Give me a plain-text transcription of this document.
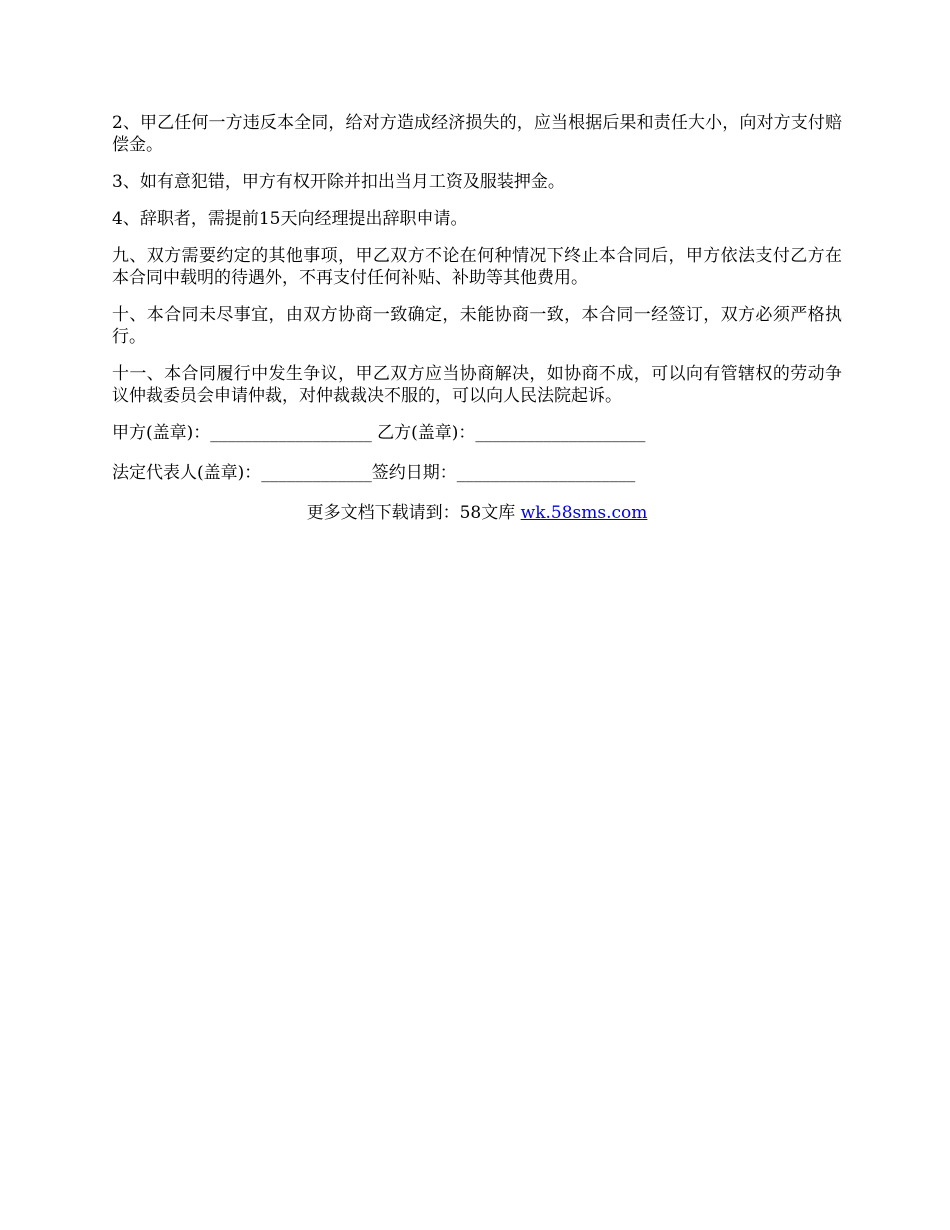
2、甲乙任何一方违反本全同，给对方造成经济损失的，应当根据后果和责任大小，向对方支付赔偿金。

3、如有意犯错，甲方有权开除并扣出当月工资及服装押金。

4、辞职者，需提前15天向经理提出辞职申请。

九、双方需要约定的其他事项，甲乙双方不论在何种情况下终止本合同后，甲方依法支付乙方在本合同中载明的待遇外，不再支付任何补贴、补助等其他费用。

十、本合同未尽事宜，由双方协商一致确定，未能协商一致，本合同一经签订，双方必须严格执行。

十一、本合同履行中发生争议，甲乙双方应当协商解决，如协商不成，可以向有管辖权的劳动争议仲裁委员会申请仲裁，对仲裁裁决不服的，可以向人民法院起诉。

甲方(盖章)：___________________ 乙方(盖章)：____________________
法定代表人(盖章)：_____________签约日期：_____________________
更多文档下载请到：58文库 wk.58sms.com
